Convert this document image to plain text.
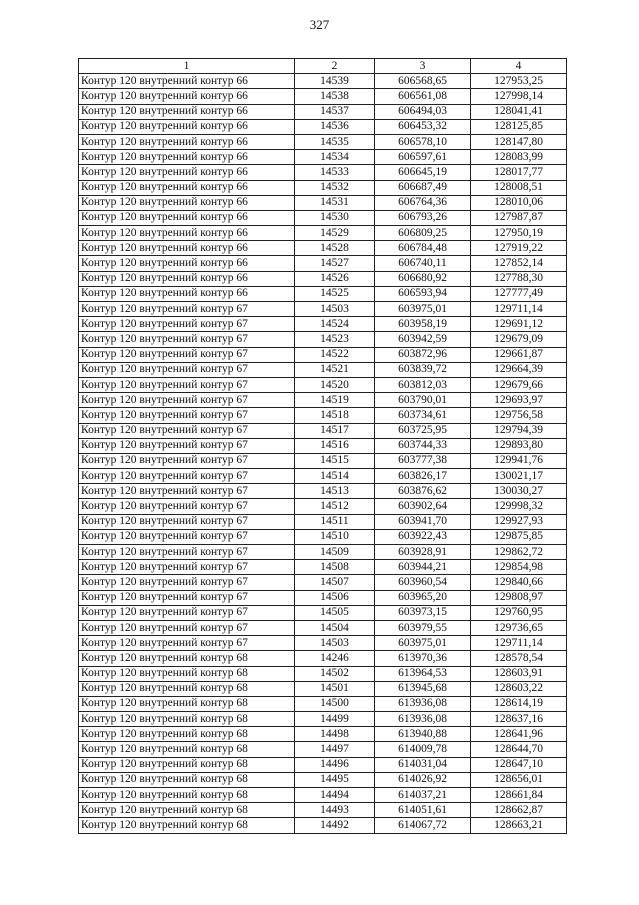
327
1	2	3	4
Контур 120 внутренний контур 66	14539	606568,65	127953,25
Контур 120 внутренний контур 66	14538	606561,08	127998,14
Контур 120 внутренний контур 66	14537	606494,03	128041,41
Контур 120 внутренний контур 66	14536	606453,32	128125,85
Контур 120 внутренний контур 66	14535	606578,10	128147,80
Контур 120 внутренний контур 66	14534	606597,61	128083,99
Контур 120 внутренний контур 66	14533	606645,19	128017,77
Контур 120 внутренний контур 66	14532	606687,49	128008,51
Контур 120 внутренний контур 66	14531	606764,36	128010,06
Контур 120 внутренний контур 66	14530	606793,26	127987,87
Контур 120 внутренний контур 66	14529	606809,25	127950,19
Контур 120 внутренний контур 66	14528	606784,48	127919,22
Контур 120 внутренний контур 66	14527	606740,11	127852,14
Контур 120 внутренний контур 66	14526	606680,92	127788,30
Контур 120 внутренний контур 66	14525	606593,94	127777,49
Контур 120 внутренний контур 67	14503	603975,01	129711,14
Контур 120 внутренний контур 67	14524	603958,19	129691,12
Контур 120 внутренний контур 67	14523	603942,59	129679,09
Контур 120 внутренний контур 67	14522	603872,96	129661,87
Контур 120 внутренний контур 67	14521	603839,72	129664,39
Контур 120 внутренний контур 67	14520	603812,03	129679,66
Контур 120 внутренний контур 67	14519	603790,01	129693,97
Контур 120 внутренний контур 67	14518	603734,61	129756,58
Контур 120 внутренний контур 67	14517	603725,95	129794,39
Контур 120 внутренний контур 67	14516	603744,33	129893,80
Контур 120 внутренний контур 67	14515	603777,38	129941,76
Контур 120 внутренний контур 67	14514	603826,17	130021,17
Контур 120 внутренний контур 67	14513	603876,62	130030,27
Контур 120 внутренний контур 67	14512	603902,64	129998,32
Контур 120 внутренний контур 67	14511	603941,70	129927,93
Контур 120 внутренний контур 67	14510	603922,43	129875,85
Контур 120 внутренний контур 67	14509	603928,91	129862,72
Контур 120 внутренний контур 67	14508	603944,21	129854,98
Контур 120 внутренний контур 67	14507	603960,54	129840,66
Контур 120 внутренний контур 67	14506	603965,20	129808,97
Контур 120 внутренний контур 67	14505	603973,15	129760,95
Контур 120 внутренний контур 67	14504	603979,55	129736,65
Контур 120 внутренний контур 67	14503	603975,01	129711,14
Контур 120 внутренний контур 68	14246	613970,36	128578,54
Контур 120 внутренний контур 68	14502	613964,53	128603,91
Контур 120 внутренний контур 68	14501	613945,68	128603,22
Контур 120 внутренний контур 68	14500	613936,08	128614,19
Контур 120 внутренний контур 68	14499	613936,08	128637,16
Контур 120 внутренний контур 68	14498	613940,88	128641,96
Контур 120 внутренний контур 68	14497	614009,78	128644,70
Контур 120 внутренний контур 68	14496	614031,04	128647,10
Контур 120 внутренний контур 68	14495	614026,92	128656,01
Контур 120 внутренний контур 68	14494	614037,21	128661,84
Контур 120 внутренний контур 68	14493	614051,61	128662,87
Контур 120 внутренний контур 68	14492	614067,72	128663,21
